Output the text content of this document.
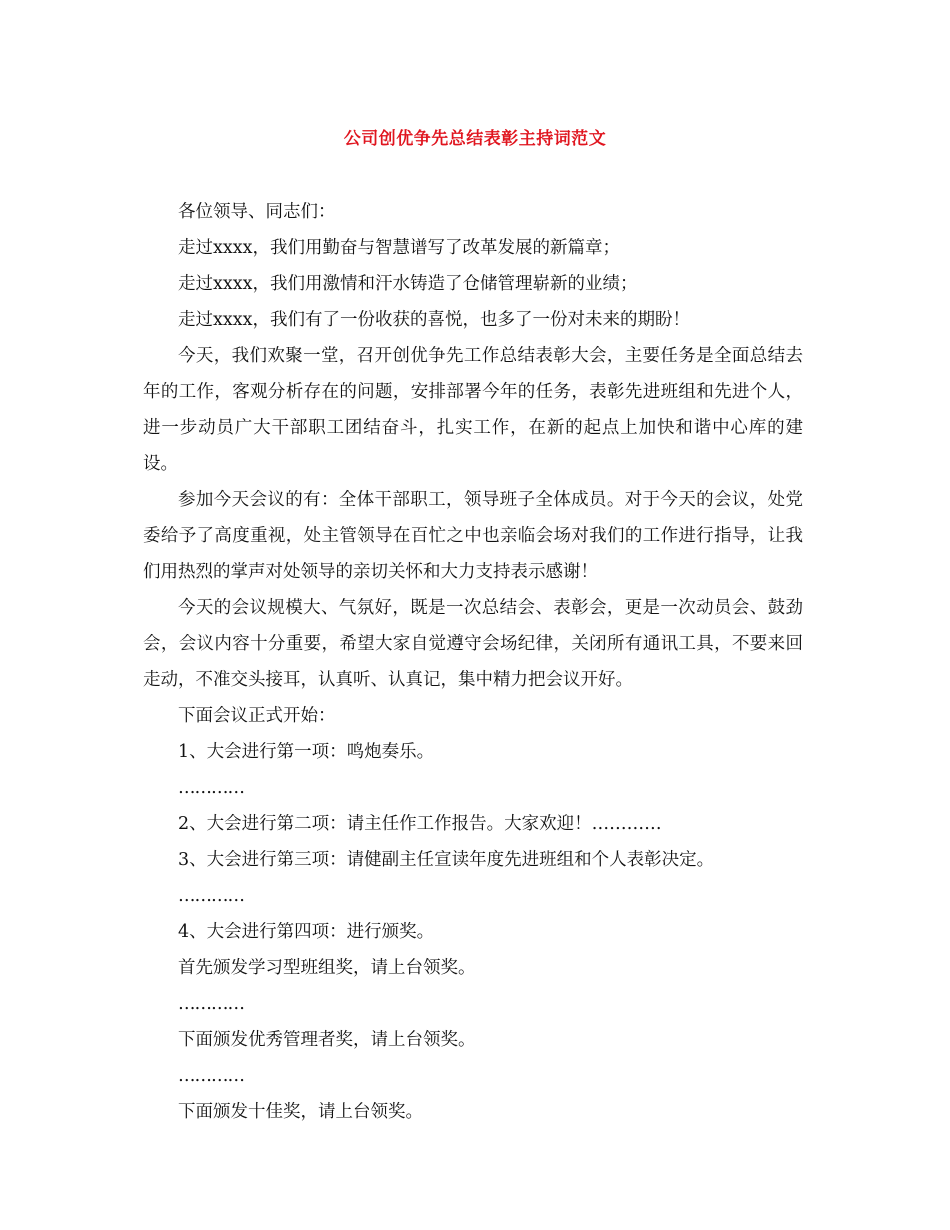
公司创优争先总结表彰主持词范文

各位领导、同志们：

走过xxxx，我们用勤奋与智慧谱写了改革发展的新篇章；

走过xxxx，我们用激情和汗水铸造了仓储管理崭新的业绩；

走过xxxx，我们有了一份收获的喜悦，也多了一份对未来的期盼！

今天，我们欢聚一堂，召开创优争先工作总结表彰大会，主要任务是全面总结去年的工作，客观分析存在的问题，安排部署今年的任务，表彰先进班组和先进个人，进一步动员广大干部职工团结奋斗，扎实工作，在新的起点上加快和谐中心库的建设。

参加今天会议的有：全体干部职工，领导班子全体成员。对于今天的会议，处党委给予了高度重视，处主管领导在百忙之中也亲临会场对我们的工作进行指导，让我们用热烈的掌声对处领导的亲切关怀和大力支持表示感谢！

今天的会议规模大、气氛好，既是一次总结会、表彰会，更是一次动员会、鼓劲会，会议内容十分重要，希望大家自觉遵守会场纪律，关闭所有通讯工具，不要来回走动，不准交头接耳，认真听、认真记，集中精力把会议开好。

下面会议正式开始：

1、大会进行第一项：鸣炮奏乐。

…………

2、大会进行第二项：请主任作工作报告。大家欢迎！…………

3、大会进行第三项：请健副主任宣读年度先进班组和个人表彰决定。

…………

4、大会进行第四项：进行颁奖。

首先颁发学习型班组奖，请上台领奖。

…………

下面颁发优秀管理者奖，请上台领奖。

…………

下面颁发十佳奖，请上台领奖。
